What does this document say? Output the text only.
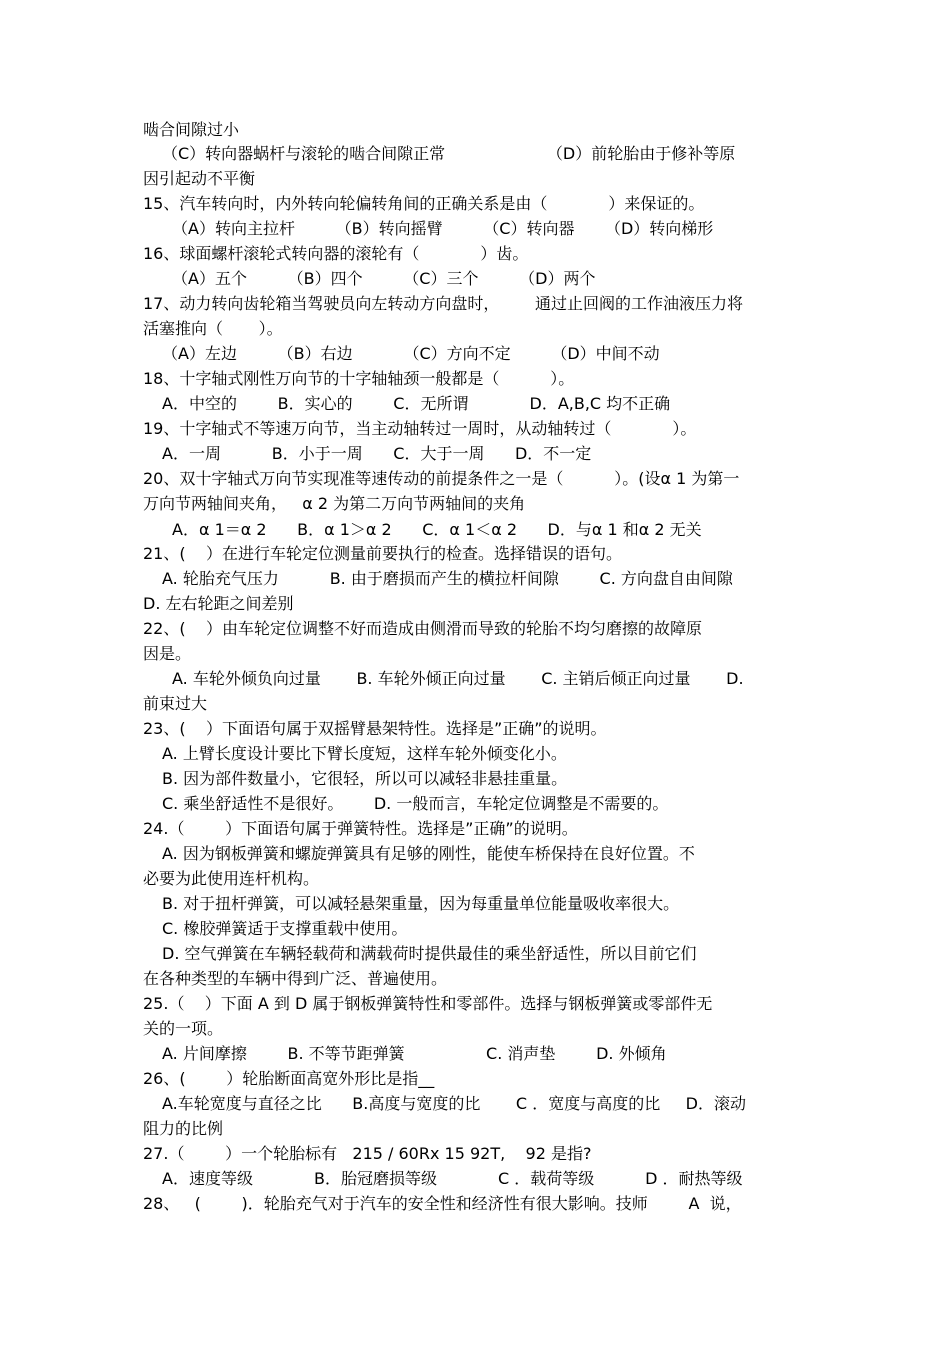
啮合间隙过小
（C）转向器蜗杆与滚轮的啮合间隙正常                    （D）前轮胎由于修补等原
因引起动不平衡
15、汽车转向时，内外转向轮偏转角间的正确关系是由（            ）来保证的。
（A）转向主拉杆        （B）转向摇臂        （C）转向器      （D）转向梯形
16、球面螺杆滚轮式转向器的滚轮有（            ）齿。
（A）五个        （B）四个        （C）三个        （D）两个
17、动力转向齿轮箱当驾驶员向左转动方向盘时，       通过止回阀的工作油液压力将
活塞推向（       ）。
（A）左边        （B）右边          （C）方向不定        （D）中间不动
18、十字轴式刚性万向节的十字轴轴颈一般都是（          ）。
A．中空的        B．实心的        C．无所谓            D．A,B,C 均不正确
19、十字轴式不等速万向节，当主动轴转过一周时，从动轴转过（            ）。
A．一周          B．小于一周      C．大于一周      D．不一定
20、双十字轴式万向节实现准等速传动的前提条件之一是（          ）。(设α 1 为第一
万向节两轴间夹角，   α 2 为第二万向节两轴间的夹角
A．α 1＝α 2      B．α 1＞α 2      C．α 1＜α 2      D．与α 1 和α 2 无关
21、(    ）在进行车轮定位测量前要执行的检查。选择错误的语句。
A. 轮胎充气压力          B. 由于磨损而产生的横拉杆间隙        C. 方向盘自由间隙
D. 左右轮距之间差别
22、(    ）由车轮定位调整不好而造成由侧滑而导致的轮胎不均匀磨擦的故障原
因是。
A. 车轮外倾负向过量       B. 车轮外倾正向过量       C. 主销后倾正向过量       D.
前束过大
23、(    ）下面语句属于双摇臂悬架特性。选择是”正确”的说明。
A. 上臂长度设计要比下臂长度短，这样车轮外倾变化小。
B. 因为部件数量小，它很轻，所以可以减轻非悬挂重量。
C. 乘坐舒适性不是很好。      D. 一般而言，车轮定位调整是不需要的。
24.（        ）下面语句属于弹簧特性。选择是”正确”的说明。
A. 因为钢板弹簧和螺旋弹簧具有足够的刚性，能使车桥保持在良好位置。不
必要为此使用连杆机构。
B. 对于扭杆弹簧，可以减轻悬架重量，因为每重量单位能量吸收率很大。
C. 橡胶弹簧适于支撑重载中使用。
D. 空气弹簧在车辆轻载荷和满载荷时提供最佳的乘坐舒适性，所以目前它们
在各种类型的车辆中得到广泛、普遍使用。
25.（    ）下面 A 到 D 属于钢板弹簧特性和零部件。选择与钢板弹簧或零部件无
关的一项。
A. 片间摩擦        B. 不等节距弹簧                C. 消声垫        D. 外倾角
26、(        ）轮胎断面高宽外形比是指__
A.车轮宽度与直径之比      B.高度与宽度的比       C ．宽度与高度的比     D．滚动
阻力的比例
27.（        ）一个轮胎标有   215 / 60Rx 15 92T,    92 是指?
A．速度等级            B．胎冠磨损等级            C ．载荷等级          D ．耐热等级
28、   (        )．轮胎充气对于汽车的安全性和经济性有很大影响。技师        A  说，
